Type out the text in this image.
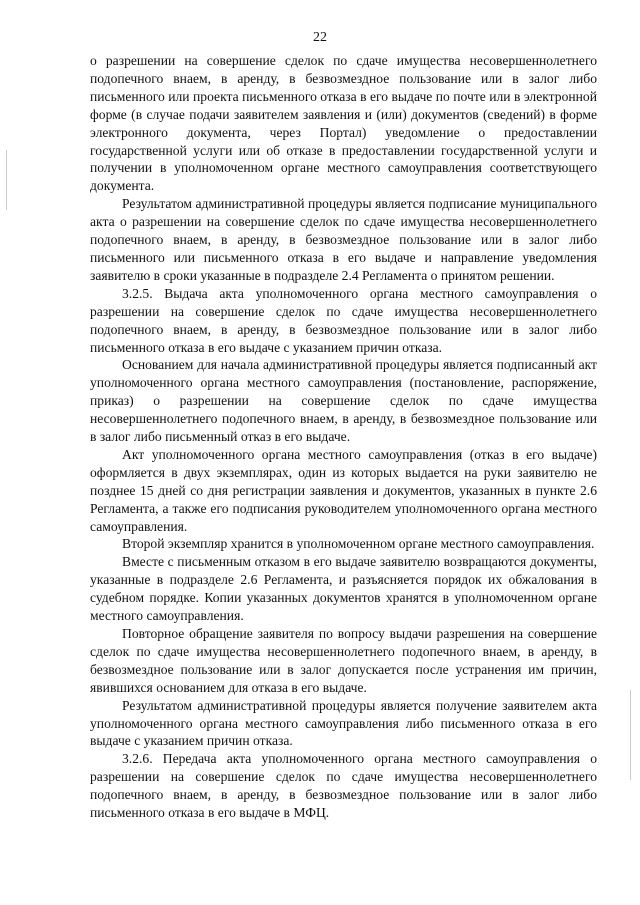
22

о разрешении на совершение сделок по сдаче имущества несовершеннолетнего подопечного внаем, в аренду, в безвозмездное пользование или в залог либо письменного или проекта письменного отказа в его выдаче по почте или в электронной форме (в случае подачи заявителем заявления и (или) документов (сведений) в форме электронного документа, через Портал) уведомление о предоставлении государственной услуги или об отказе в предоставлении государственной услуги и получении в уполномоченном органе местного самоуправления соответствующего документа.

Результатом административной процедуры является подписание муниципального акта о разрешении на совершение сделок по сдаче имущества несовершеннолетнего подопечного внаем, в аренду, в безвозмездное пользование или в залог либо письменного или письменного отказа в его выдаче и направление уведомления заявителю в сроки указанные в подразделе 2.4 Регламента о принятом решении.

3.2.5. Выдача акта уполномоченного органа местного самоуправления о разрешении на совершение сделок по сдаче имущества несовершеннолетнего подопечного внаем, в аренду, в безвозмездное пользование или в залог либо письменного отказа в его выдаче с указанием причин отказа.

Основанием для начала административной процедуры является подписанный акт уполномоченного органа местного самоуправления (постановление, распоряжение, приказ) о разрешении на совершение сделок по сдаче имущества несовершеннолетнего подопечного внаем, в аренду, в безвозмездное пользование или в залог либо письменный отказ в его выдаче.

Акт уполномоченного органа местного самоуправления (отказ в его выдаче) оформляется в двух экземплярах, один из которых выдается на руки заявителю не позднее 15 дней со дня регистрации заявления и документов, указанных в пункте 2.6 Регламента, а также его подписания руководителем уполномоченного органа местного самоуправления.

Второй экземпляр хранится в уполномоченном органе местного самоуправления.

Вместе с письменным отказом в его выдаче заявителю возвращаются документы, указанные в подразделе 2.6 Регламента, и разъясняется порядок их обжалования в судебном порядке. Копии указанных документов хранятся в уполномоченном органе местного самоуправления.

Повторное обращение заявителя по вопросу выдачи разрешения на совершение сделок по сдаче имущества несовершеннолетнего подопечного внаем, в аренду, в безвозмездное пользование или в залог допускается после устранения им причин, явившихся основанием для отказа в его выдаче.

Результатом административной процедуры является получение заявителем акта уполномоченного органа местного самоуправления либо письменного отказа в его выдаче с указанием причин отказа.

3.2.6. Передача акта уполномоченного органа местного самоуправления о разрешении на совершение сделок по сдаче имущества несовершеннолетнего подопечного внаем, в аренду, в безвозмездное пользование или в залог либо письменного отказа в его выдаче в МФЦ.
